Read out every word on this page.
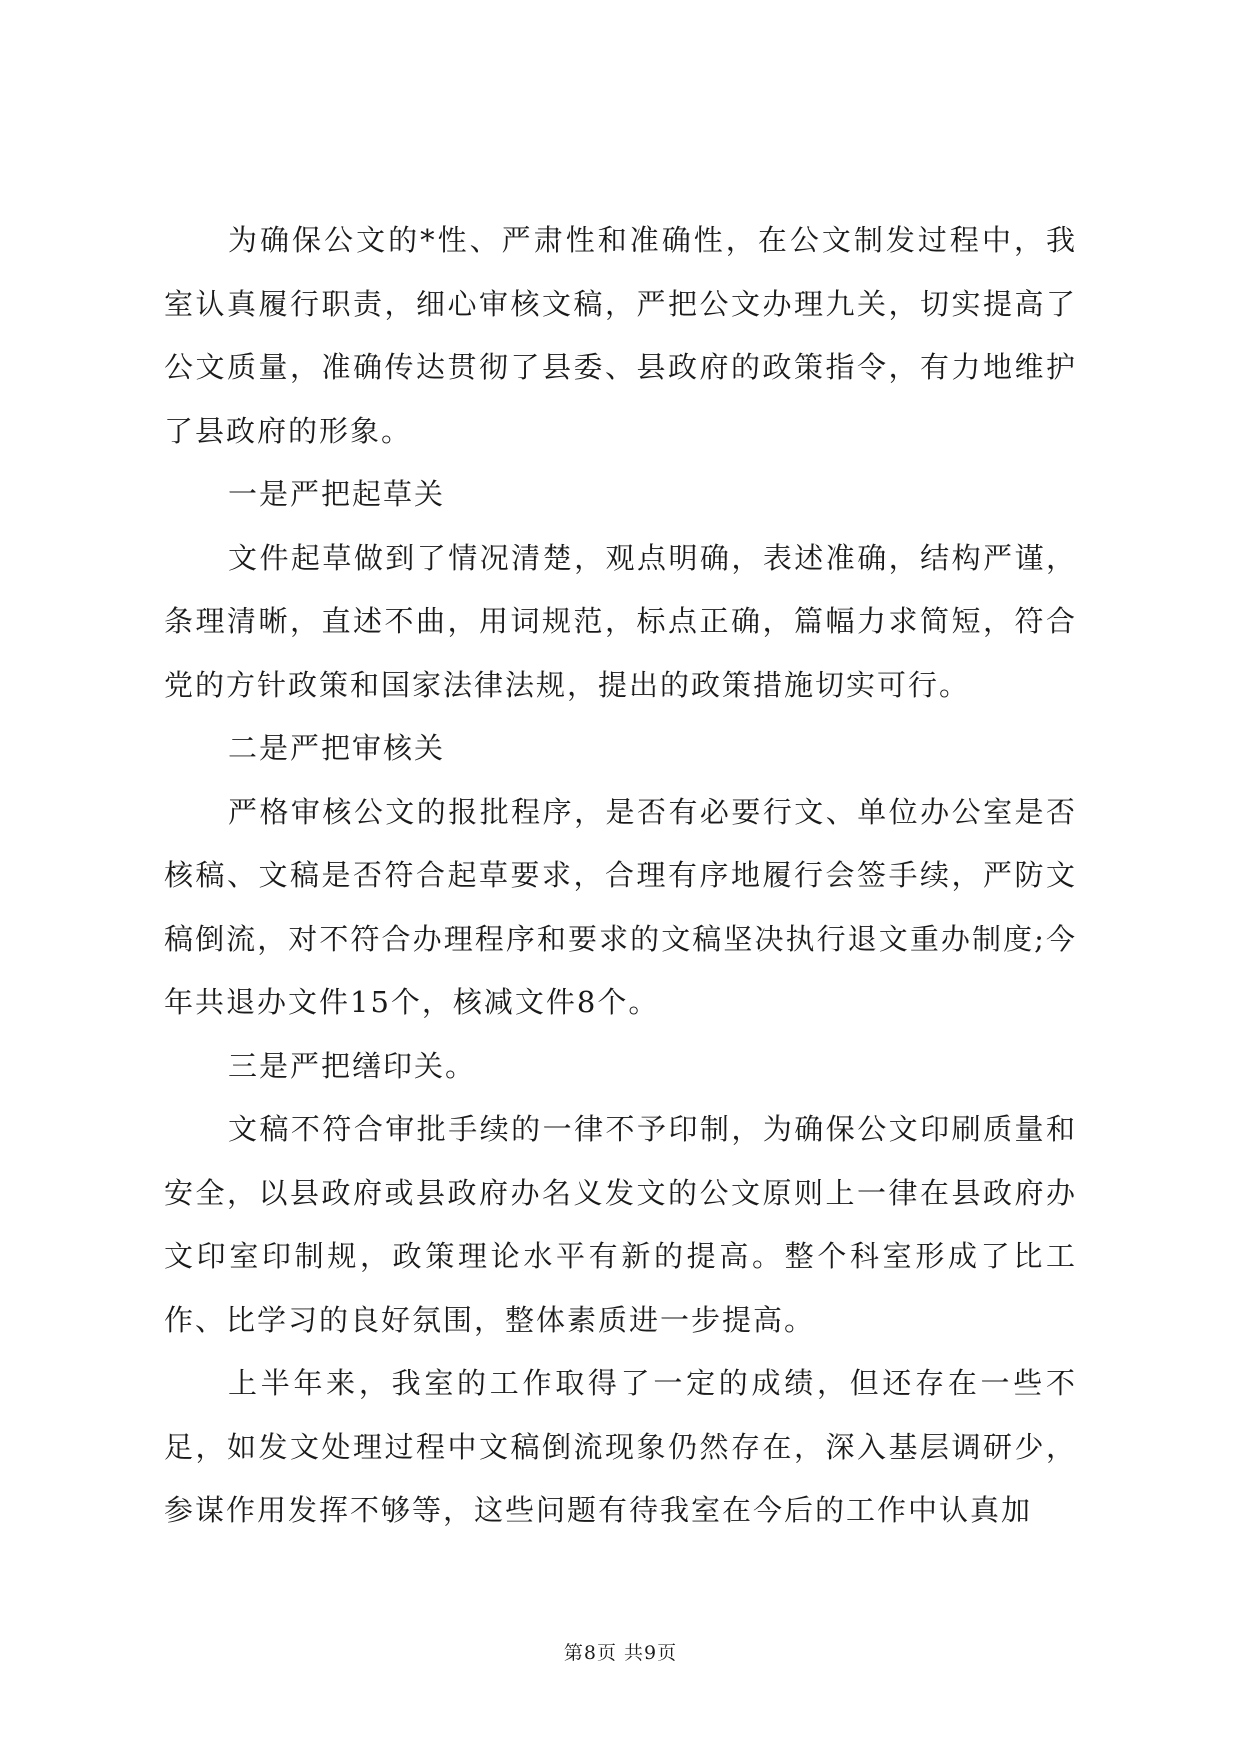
为确保公文的*性、严肃性和准确性，在公文制发过程中，我室认真履行职责，细心审核文稿，严把公文办理九关，切实提高了公文质量，准确传达贯彻了县委、县政府的政策指令，有力地维护了县政府的形象。

一是严把起草关

文件起草做到了情况清楚，观点明确，表述准确，结构严谨，条理清晰，直述不曲，用词规范，标点正确，篇幅力求简短，符合党的方针政策和国家法律法规，提出的政策措施切实可行。

二是严把审核关

严格审核公文的报批程序，是否有必要行文、单位办公室是否核稿、文稿是否符合起草要求，合理有序地履行会签手续，严防文稿倒流，对不符合办理程序和要求的文稿坚决执行退文重办制度;今年共退办文件15个，核减文件8个。

三是严把缮印关。

文稿不符合审批手续的一律不予印制，为确保公文印刷质量和安全，以县政府或县政府办名义发文的公文原则上一律在县政府办文印室印制规，政策理论水平有新的提高。整个科室形成了比工作、比学习的良好氛围，整体素质进一步提高。

上半年来，我室的工作取得了一定的成绩，但还存在一些不足，如发文处理过程中文稿倒流现象仍然存在，深入基层调研少，参谋作用发挥不够等，这些问题有待我室在今后的工作中认真加

第8页 共9页
